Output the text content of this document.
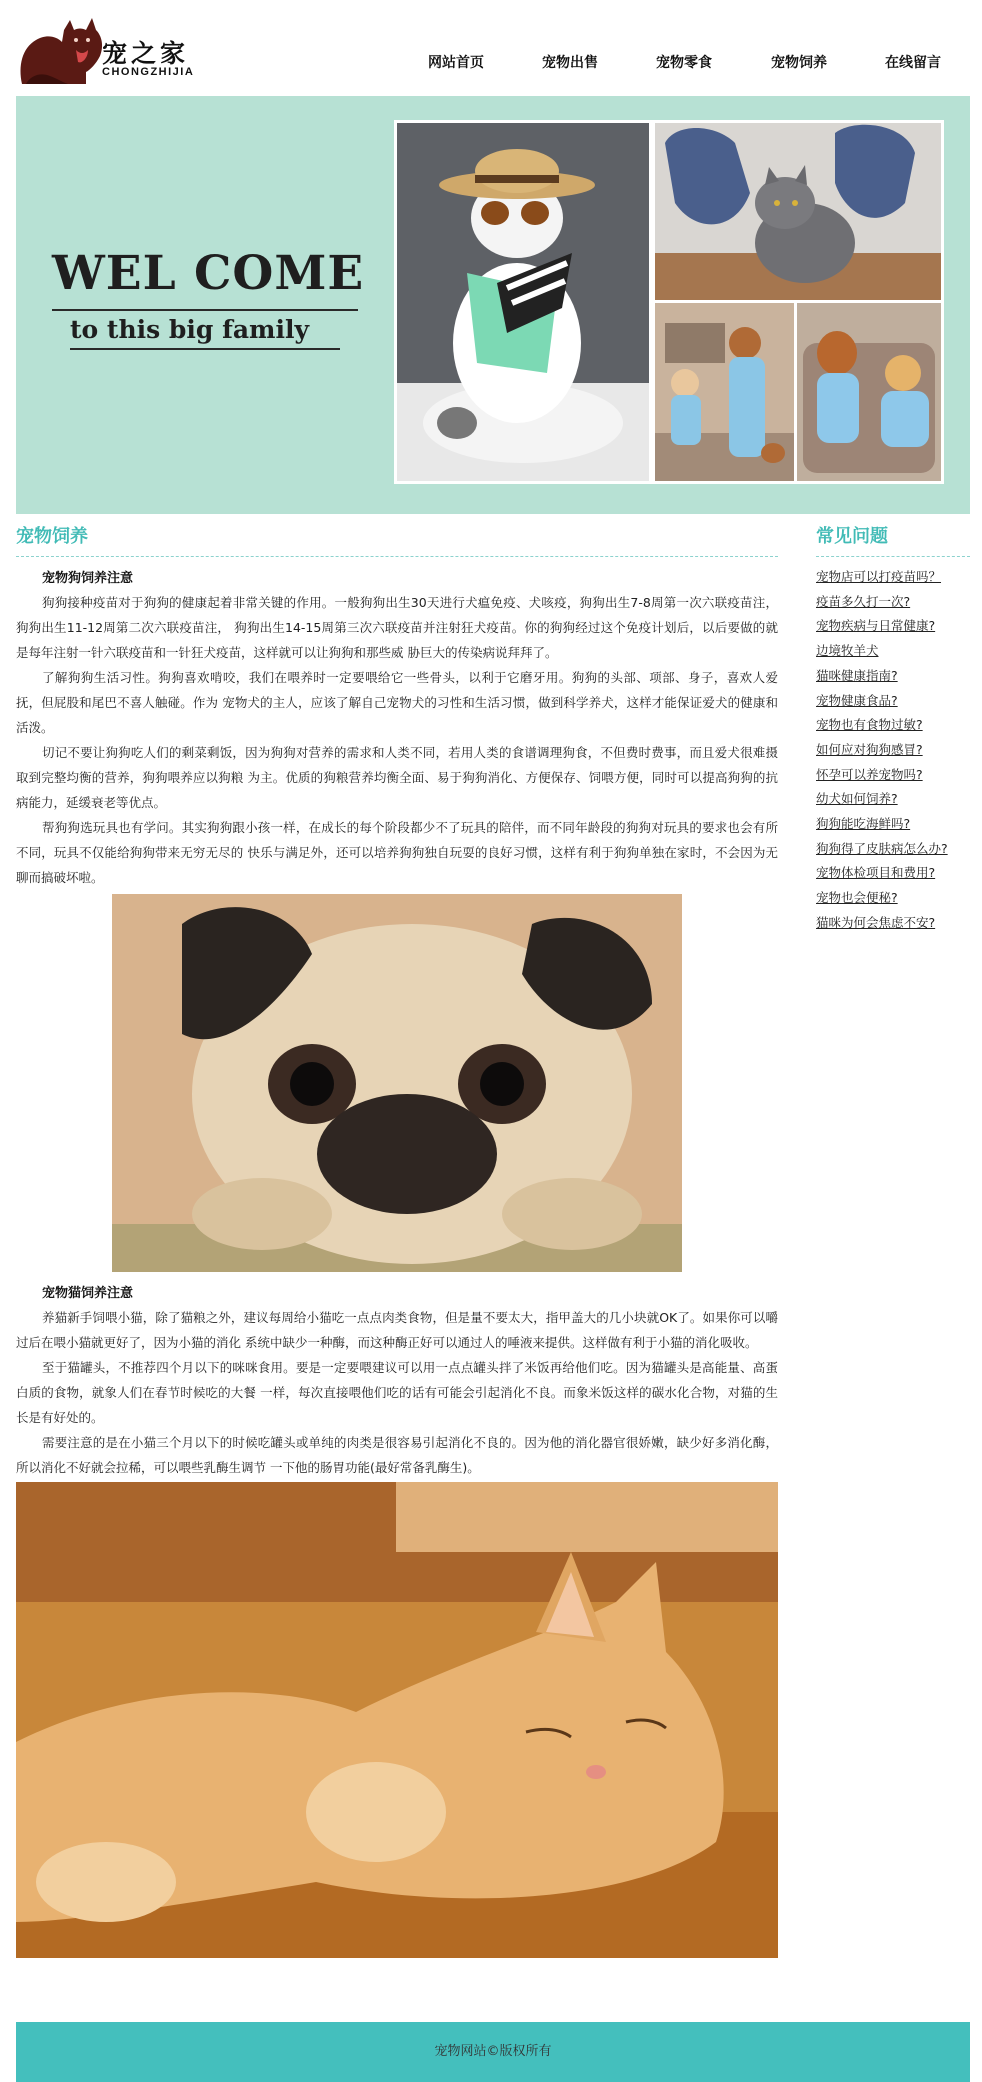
宠之家
CHONGZHIJIA
网站首页	宠物出售	宠物零食	宠物饲养	在线留言
WEL COME
to this big family
宠物饲养
宠物狗饲养注意

狗狗接种疫苗对于狗狗的健康起着非常关键的作用。一般狗狗出生30天进行犬瘟免疫、犬咳疫，狗狗出生7-8周第一次六联疫苗注，狗狗出生11-12周第二次六联疫苗注， 狗狗出生14-15周第三次六联疫苗并注射狂犬疫苗。你的狗狗经过这个免疫计划后，以后要做的就是每年注射一针六联疫苗和一针狂犬疫苗，这样就可以让狗狗和那些威 胁巨大的传染病说拜拜了。

了解狗狗生活习性。狗狗喜欢啃咬，我们在喂养时一定要喂给它一些骨头，以利于它磨牙用。狗狗的头部、项部、身子，喜欢人爱抚，但屁股和尾巴不喜人触碰。作为 宠物犬的主人，应该了解自己宠物犬的习性和生活习惯，做到科学养犬，这样才能保证爱犬的健康和活泼。

切记不要让狗狗吃人们的剩菜剩饭，因为狗狗对营养的需求和人类不同，若用人类的食谱调理狗食，不但费时费事，而且爱犬很难摄取到完整均衡的营养，狗狗喂养应以狗粮 为主。优质的狗粮营养均衡全面、易于狗狗消化、方便保存、饲喂方便，同时可以提高狗狗的抗病能力，延缓衰老等优点。

帮狗狗选玩具也有学问。其实狗狗跟小孩一样，在成长的每个阶段都少不了玩具的陪伴，而不同年龄段的狗狗对玩具的要求也会有所不同，玩具不仅能给狗狗带来无穷无尽的 快乐与满足外，还可以培养狗狗独自玩耍的良好习惯，这样有利于狗狗单独在家时，不会因为无聊而搞破坏啦。

宠物猫饲养注意

养猫新手饲喂小猫，除了猫粮之外，建议每周给小猫吃一点点肉类食物，但是量不要太大，指甲盖大的几小块就OK了。如果你可以嚼过后在喂小猫就更好了，因为小猫的消化 系统中缺少一种酶，而这种酶正好可以通过人的唾液来提供。这样做有利于小猫的消化吸收。

至于猫罐头，不推荐四个月以下的咪咪食用。要是一定要喂建议可以用一点点罐头拌了米饭再给他们吃。因为猫罐头是高能量、高蛋白质的食物，就象人们在春节时候吃的大餐 一样，每次直接喂他们吃的话有可能会引起消化不良。而象米饭这样的碳水化合物，对猫的生长是有好处的。

需要注意的是在小猫三个月以下的时候吃罐头或单纯的肉类是很容易引起消化不良的。因为他的消化器官很娇嫩，缺少好多消化酶，所以消化不好就会拉稀，可以喂些乳酶生调节 一下他的肠胃功能(最好常备乳酶生)。

常见问题
宠物店可以打疫苗吗？
疫苗多久打一次?
宠物疾病与日常健康?
边境牧羊犬
猫咪健康指南?
宠物健康食品?
宠物也有食物过敏?
如何应对狗狗感冒?
怀孕可以养宠物吗?
幼犬如何饲养?
狗狗能吃海鲜吗?
狗狗得了皮肤病怎么办?
宠物体检项目和费用?
宠物也会便秘?
猫咪为何会焦虑不安?
宠物网站©版权所有
